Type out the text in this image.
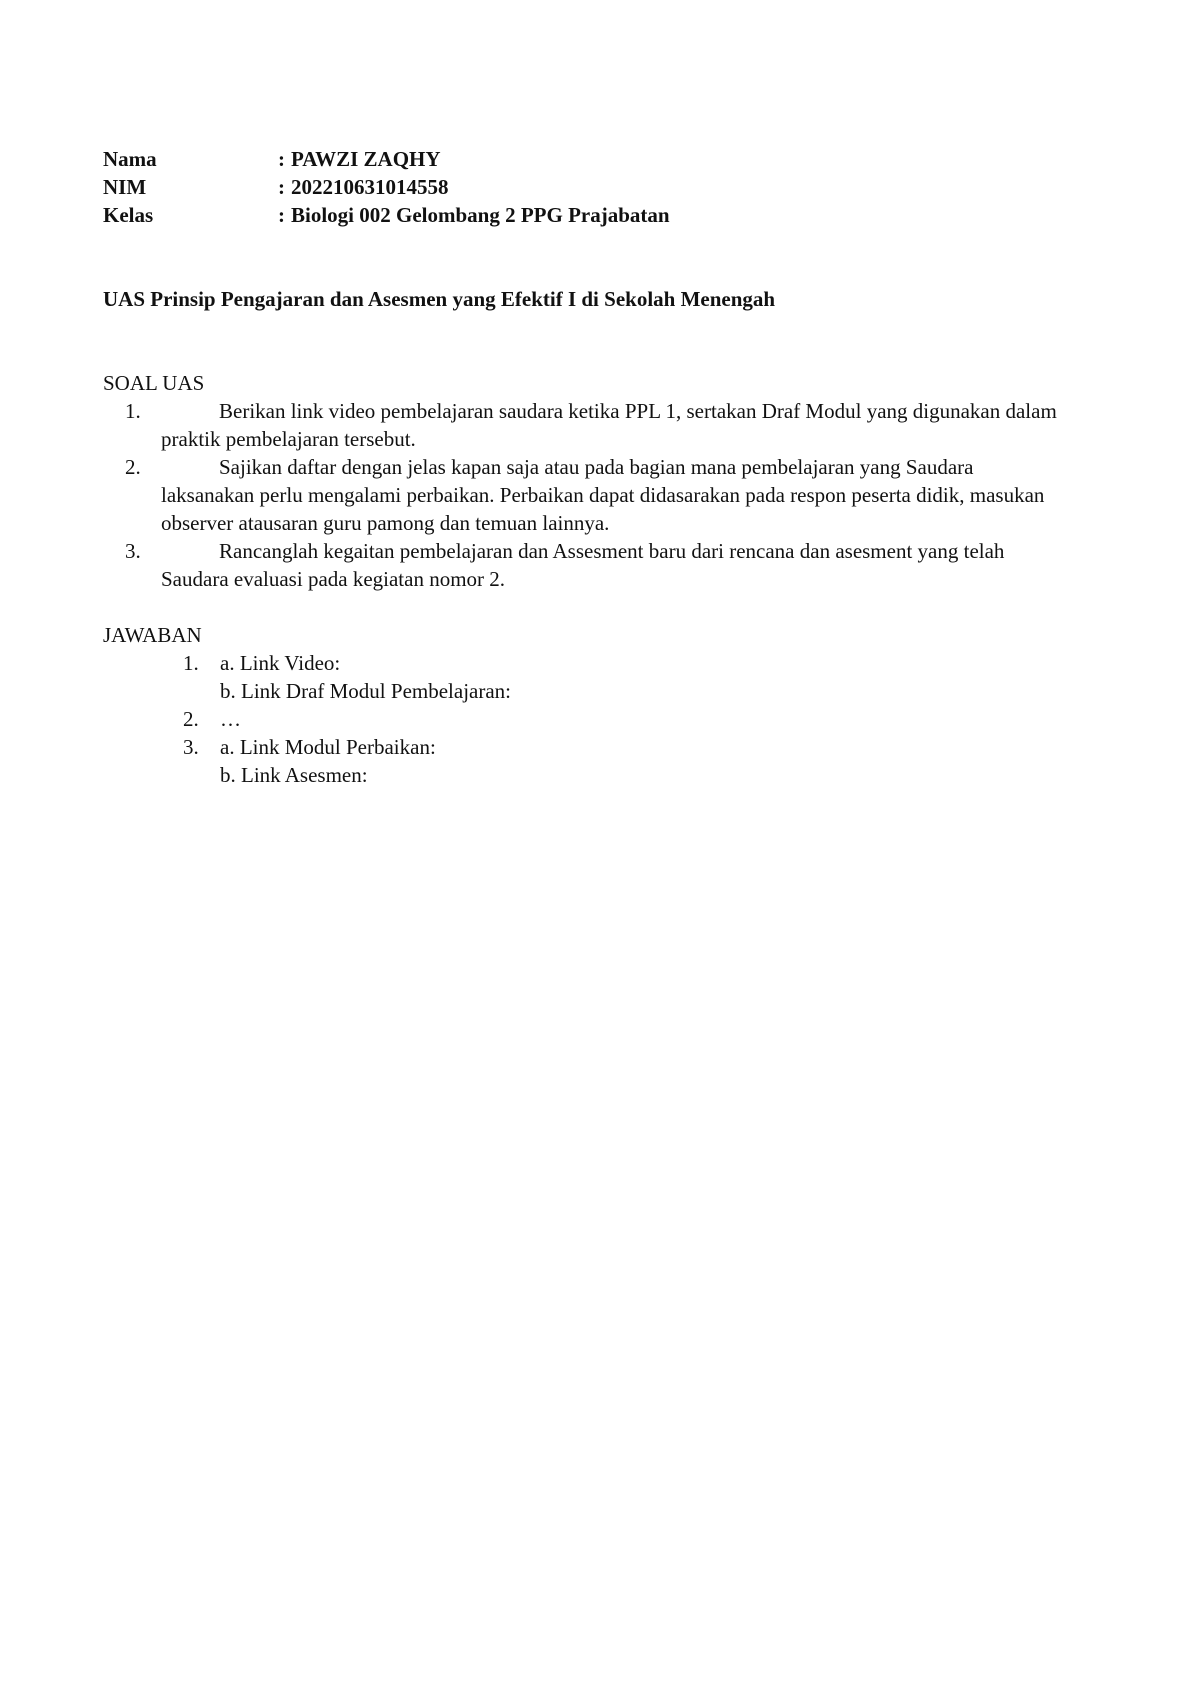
Nama	: PAWZI ZAQHY
NIM	: 202210631014558
Kelas	: Biologi 002 Gelombang 2 PPG Prajabatan
UAS Prinsip Pengajaran dan Asesmen yang Efektif I di Sekolah Menengah
SOAL UAS
1.	Berikan link video pembelajaran saudara ketika PPL 1, sertakan Draf Modul yang digunakan dalam praktik pembelajaran tersebut.
2.	Sajikan daftar dengan jelas kapan saja atau pada bagian mana pembelajaran yang Saudara laksanakan perlu mengalami perbaikan. Perbaikan dapat didasarakan pada respon peserta didik, masukan observer atausaran guru pamong dan temuan lainnya.
3.	Rancanglah kegaitan pembelajaran dan Assesment baru dari rencana dan asesment yang telah Saudara evaluasi pada kegiatan nomor 2.
JAWABAN
1. a. Link Video:
b. Link Draf Modul Pembelajaran:
2. …
3. a. Link Modul Perbaikan:
b. Link Asesmen:
